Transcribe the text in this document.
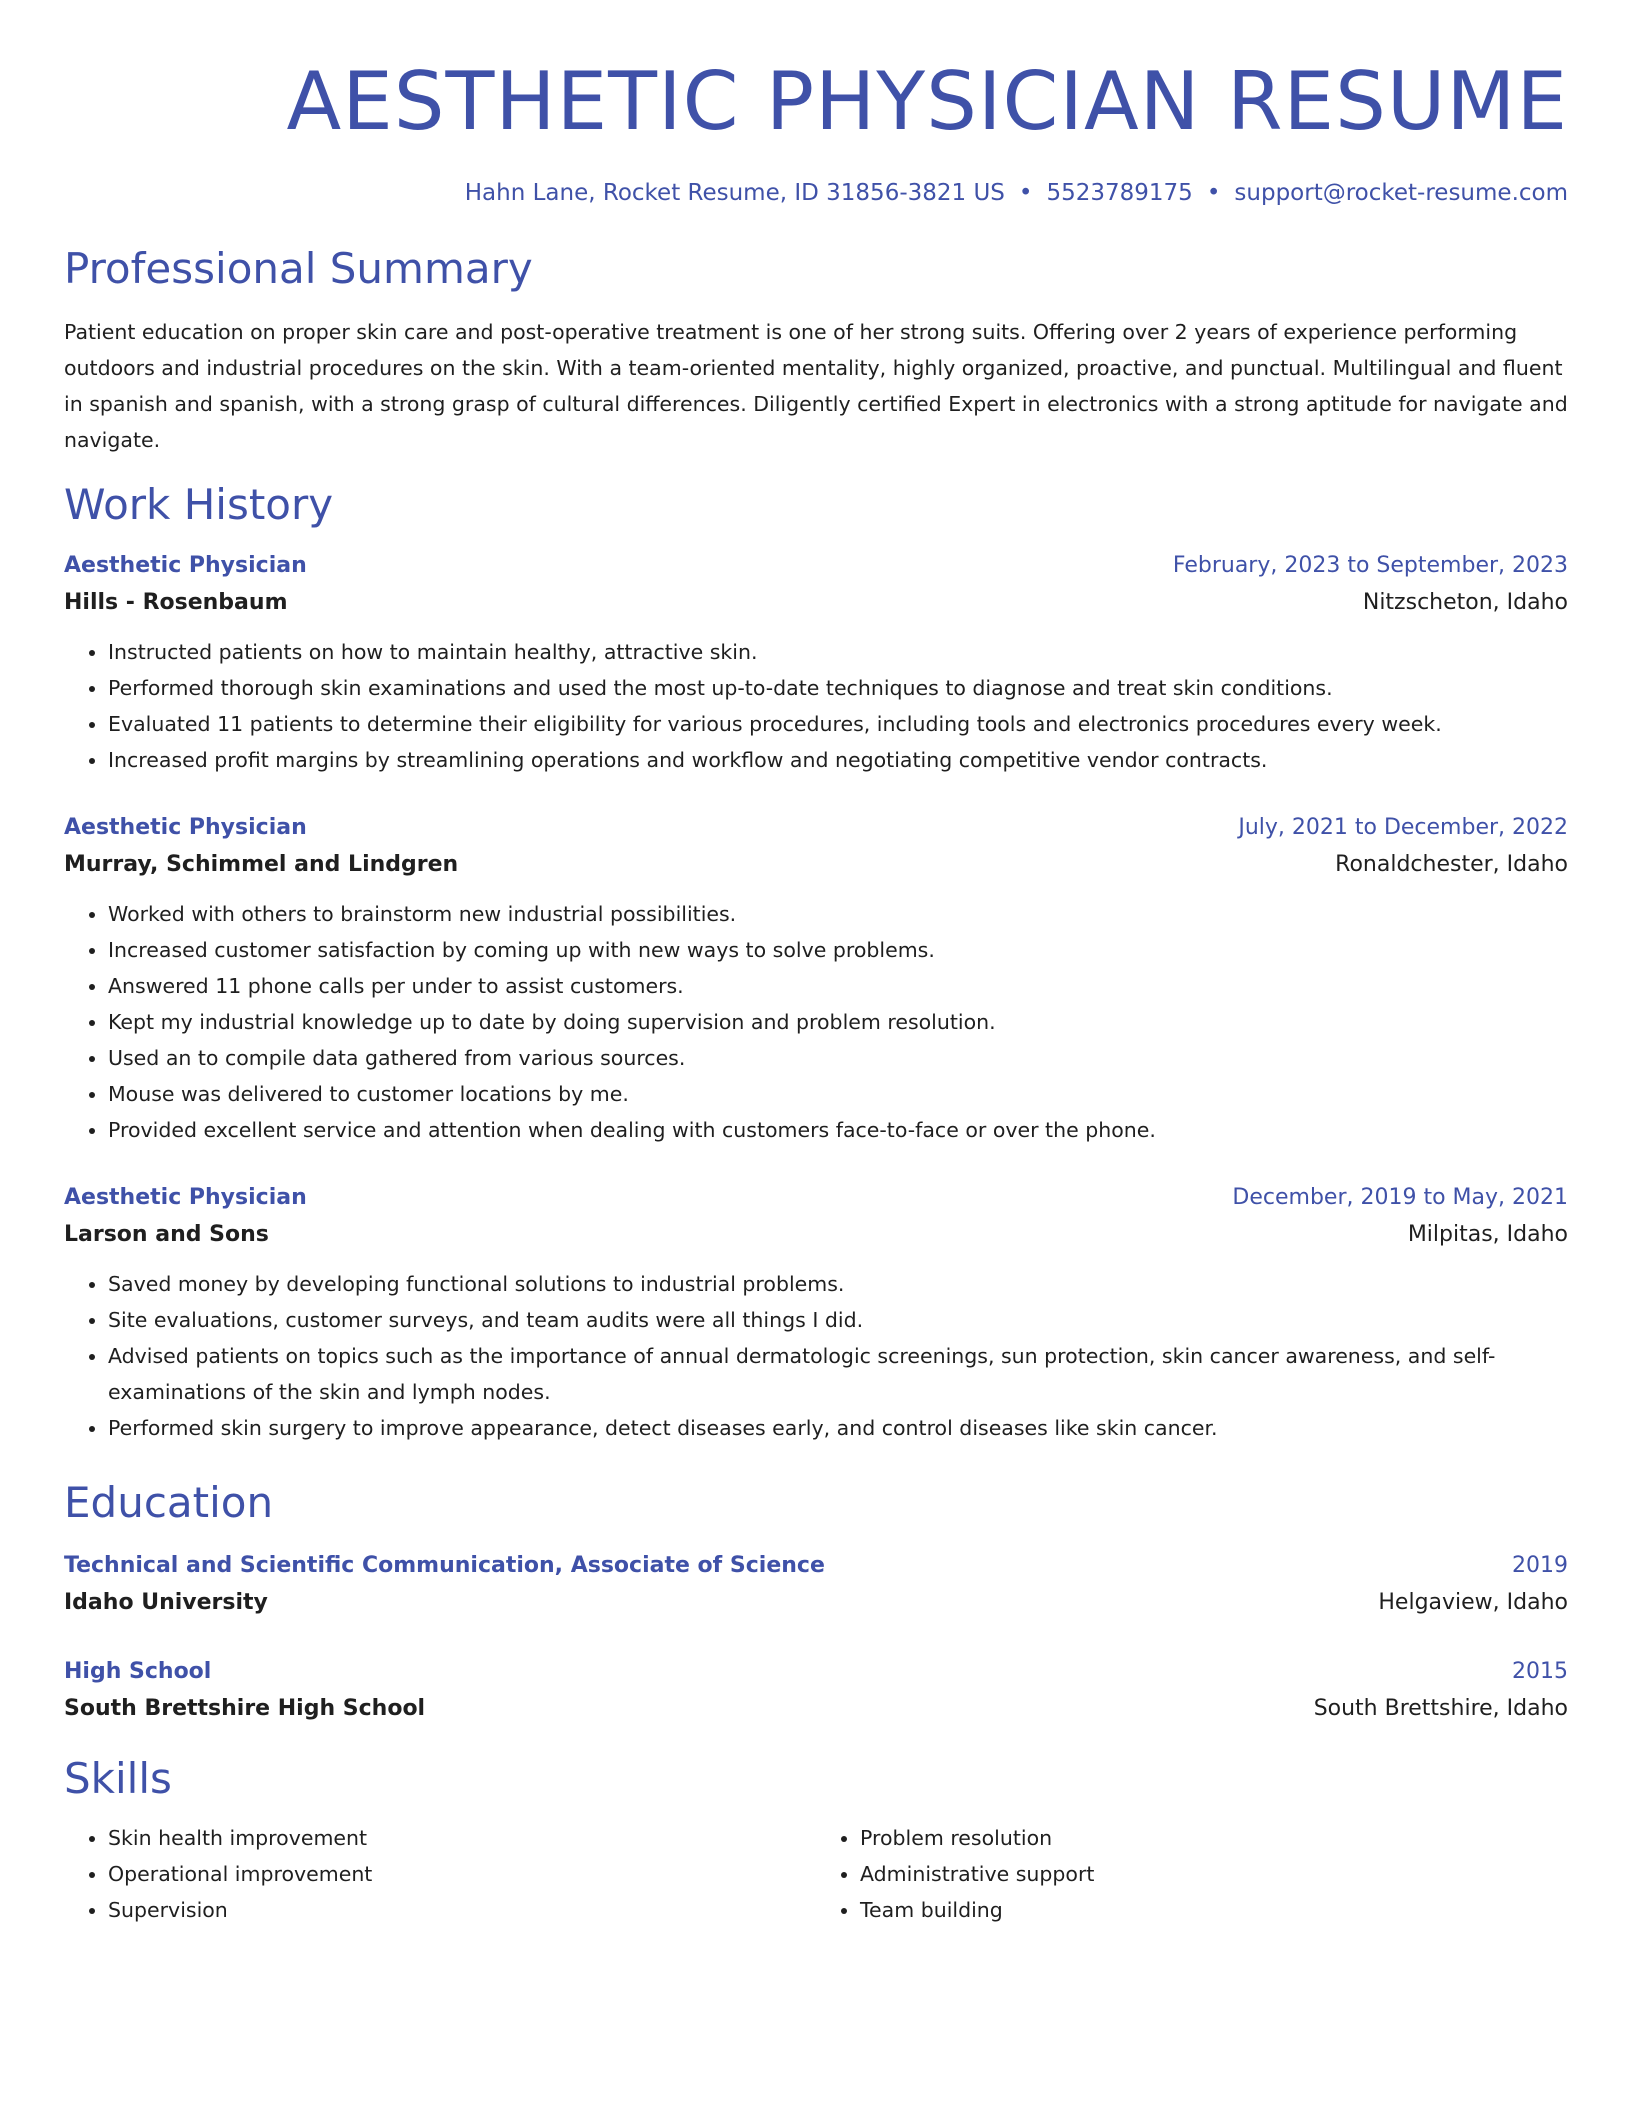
AESTHETIC PHYSICIAN RESUME
Hahn Lane, Rocket Resume, ID 31856-3821 US • 5523789175 • support@rocket-resume.com
Professional Summary
Patient education on proper skin care and post-operative treatment is one of her strong suits. Offering over 2 years of experience performing outdoors and industrial procedures on the skin. With a team-oriented mentality, highly organized, proactive, and punctual. Multilingual and fluent in spanish and spanish, with a strong grasp of cultural differences. Diligently certified Expert in electronics with a strong aptitude for navigate and navigate.
Work History
Aesthetic Physician	February, 2023 to September, 2023
Hills - Rosenbaum	Nitzscheton, Idaho
• Instructed patients on how to maintain healthy, attractive skin.
• Performed thorough skin examinations and used the most up-to-date techniques to diagnose and treat skin conditions.
• Evaluated 11 patients to determine their eligibility for various procedures, including tools and electronics procedures every week.
• Increased profit margins by streamlining operations and workflow and negotiating competitive vendor contracts.
Aesthetic Physician	July, 2021 to December, 2022
Murray, Schimmel and Lindgren	Ronaldchester, Idaho
• Worked with others to brainstorm new industrial possibilities.
• Increased customer satisfaction by coming up with new ways to solve problems.
• Answered 11 phone calls per under to assist customers.
• Kept my industrial knowledge up to date by doing supervision and problem resolution.
• Used an to compile data gathered from various sources.
• Mouse was delivered to customer locations by me.
• Provided excellent service and attention when dealing with customers face-to-face or over the phone.
Aesthetic Physician	December, 2019 to May, 2021
Larson and Sons	Milpitas, Idaho
• Saved money by developing functional solutions to industrial problems.
• Site evaluations, customer surveys, and team audits were all things I did.
• Advised patients on topics such as the importance of annual dermatologic screenings, sun protection, skin cancer awareness, and self-examinations of the skin and lymph nodes.
• Performed skin surgery to improve appearance, detect diseases early, and control diseases like skin cancer.
Education
Technical and Scientific Communication, Associate of Science	2019
Idaho University	Helgaview, Idaho
High School	2015
South Brettshire High School	South Brettshire, Idaho
Skills
• Skin health improvement
• Operational improvement
• Supervision
• Problem resolution
• Administrative support
• Team building
